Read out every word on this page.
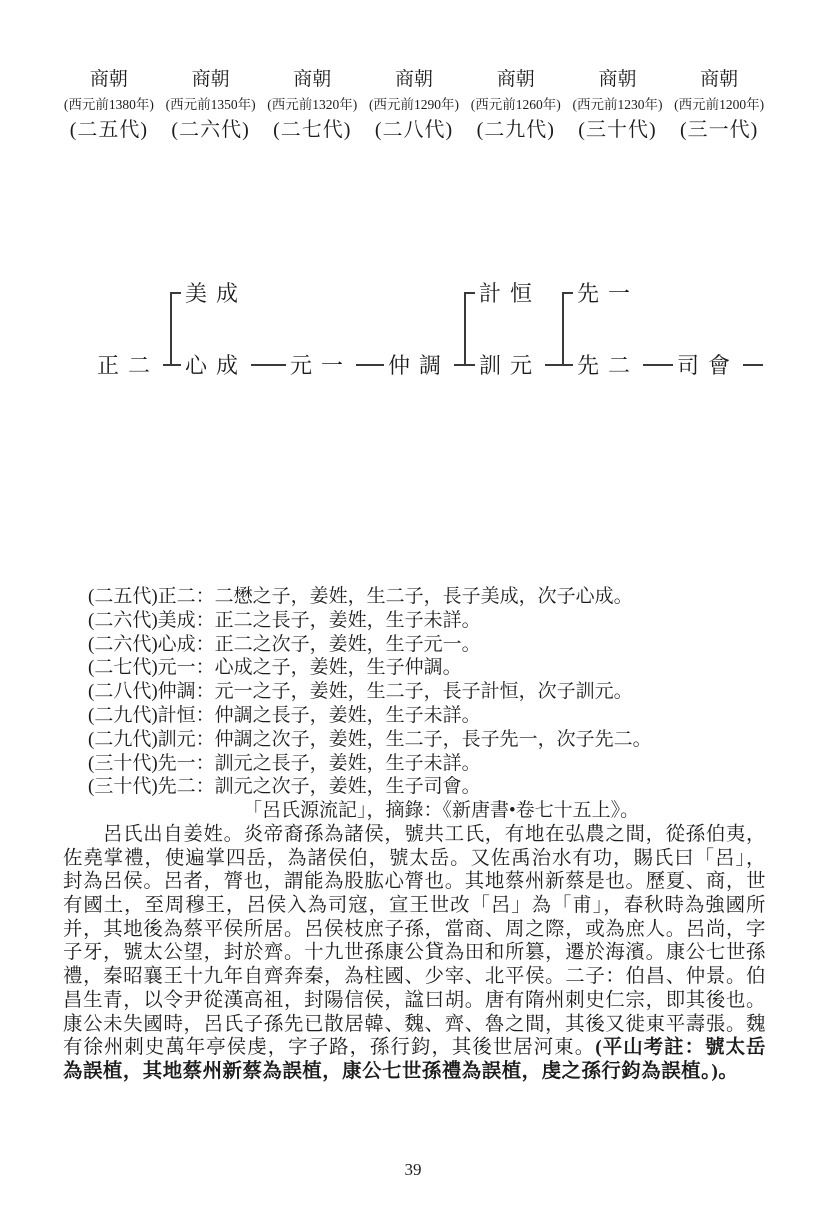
商朝
(西元前1380年)
(二五代)
商朝
(西元前1350年)
(二六代)
商朝
(西元前1320年)
(二七代)
商朝
(西元前1290年)
(二八代)
商朝
(西元前1260年)
(二九代)
商朝
(西元前1230年)
(三十代)
商朝
(西元前1200年)
(三一代)
美成	計恒 先一
正二 心成 元一 仲調 訓元 先二 司會
(二五代)正二：二懋之子，姜姓，生二子，長子美成，次子心成。
(二六代)美成：正二之長子，姜姓，生子未詳。
(二六代)心成：正二之次子，姜姓，生子元一。
(二七代)元一：心成之子，姜姓，生子仲調。
(二八代)仲調：元一之子，姜姓，生二子，長子計恒，次子訓元。
(二九代)計恒：仲調之長子，姜姓，生子未詳。
(二九代)訓元：仲調之次子，姜姓，生二子，長子先一，次子先二。
(三十代)先一：訓元之長子，姜姓，生子未詳。
(三十代)先二：訓元之次子，姜姓，生子司會。
「呂氏源流記」，摘錄：《新唐書•卷七十五上》。

呂氏出自姜姓。炎帝裔孫為諸侯，號共工氏，有地在弘農之間，從孫伯夷，佐堯掌禮，使遍掌四岳，為諸侯伯，號太岳。又佐禹治水有功，賜氏曰「呂」，封為呂侯。呂者，膂也，謂能為股肱心膂也。其地蔡州新蔡是也。歷夏、商，世有國土，至周穆王，呂侯入為司寇，宣王世改「呂」為「甫」，春秋時為強國所并，其地後為蔡平侯所居。呂侯枝庶子孫，當商、周之際，或為庶人。呂尚，字子牙，號太公望，封於齊。十九世孫康公貸為田和所篡，遷於海濱。康公七世孫禮，秦昭襄王十九年自齊奔秦，為柱國、少宰、北平侯。二子：伯昌、仲景。伯昌生青，以令尹從漢高祖，封陽信侯，諡曰胡。唐有隋州刺史仁宗，即其後也。康公未失國時，呂氏子孫先已散居韓、魏、齊、魯之間，其後又徙東平壽張。魏有徐州刺史萬年亭侯虔，字子路，孫行鈞，其後世居河東。(平山考註：號太岳為誤植，其地蔡州新蔡為誤植，康公七世孫禮為誤植，虔之孫行鈞為誤植。)。

39
